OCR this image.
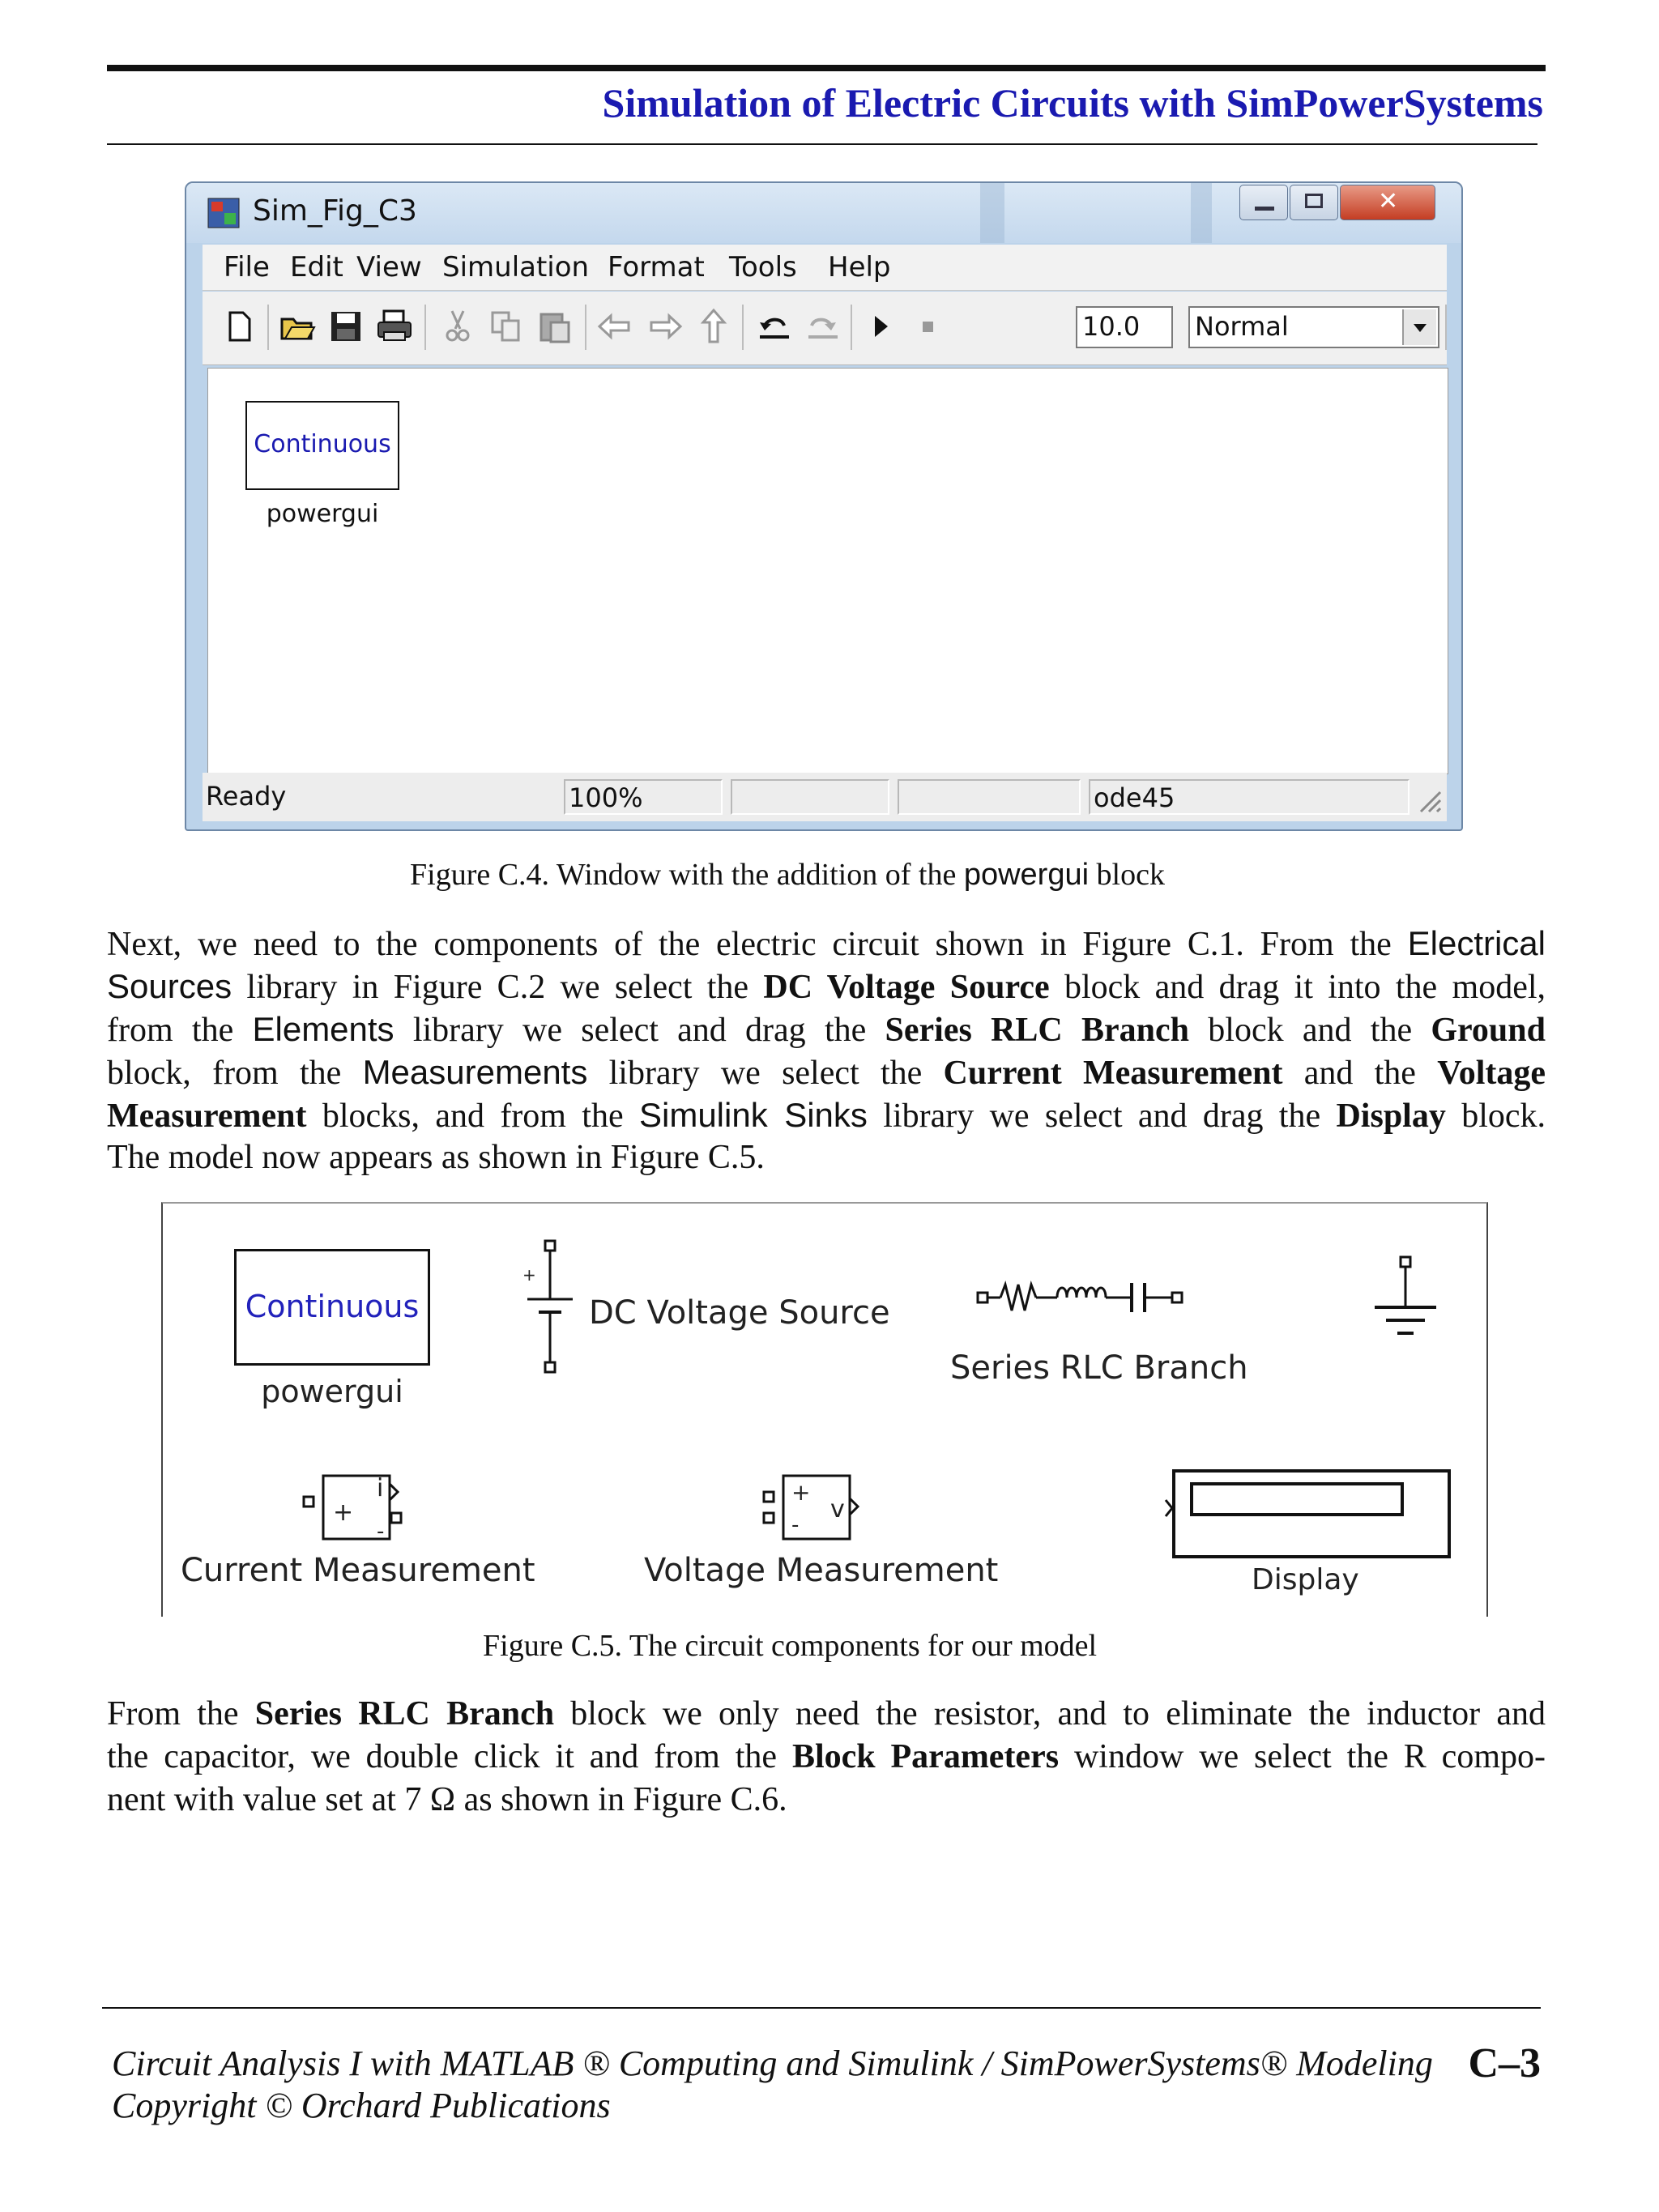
Simulation of Electric Circuits with SimPowerSystems
Sim_Fig_C3	✕
File Edit View Simulation Format Tools Help
10.0	Normal
Continuous
powergui
Ready	100%	ode45
Figure C.4. Window with the addition of the powergui block
Next, we need to the components of the electric circuit shown in Figure C.1. From the Electrical
Sources library in Figure C.2 we select the DC Voltage Source block and drag it into the model,
from the Elements library we select and drag the Series RLC Branch block and the Ground
block, from the Measurements library we select the Current Measurement and the Voltage
Measurement blocks, and from the Simulink Sinks library we select and drag the Display block.
The model now appears as shown in Figure C.5.
Continuous
powergui
+
DC Voltage Source
Series RLC Branch
+
-
i
Current Measurement
+
-
v
Voltage Measurement	Display
Figure C.5. The circuit components for our model
From the Series RLC Branch block we only need the resistor, and to eliminate the inductor and
the capacitor, we double click it and from the Block Parameters window we select the R compo-
nent with value set at 7 Ω as shown in Figure C.6.
Circuit Analysis I with MATLAB ® Computing and Simulink / SimPowerSystems® Modeling
Copyright © Orchard Publications
C–3
